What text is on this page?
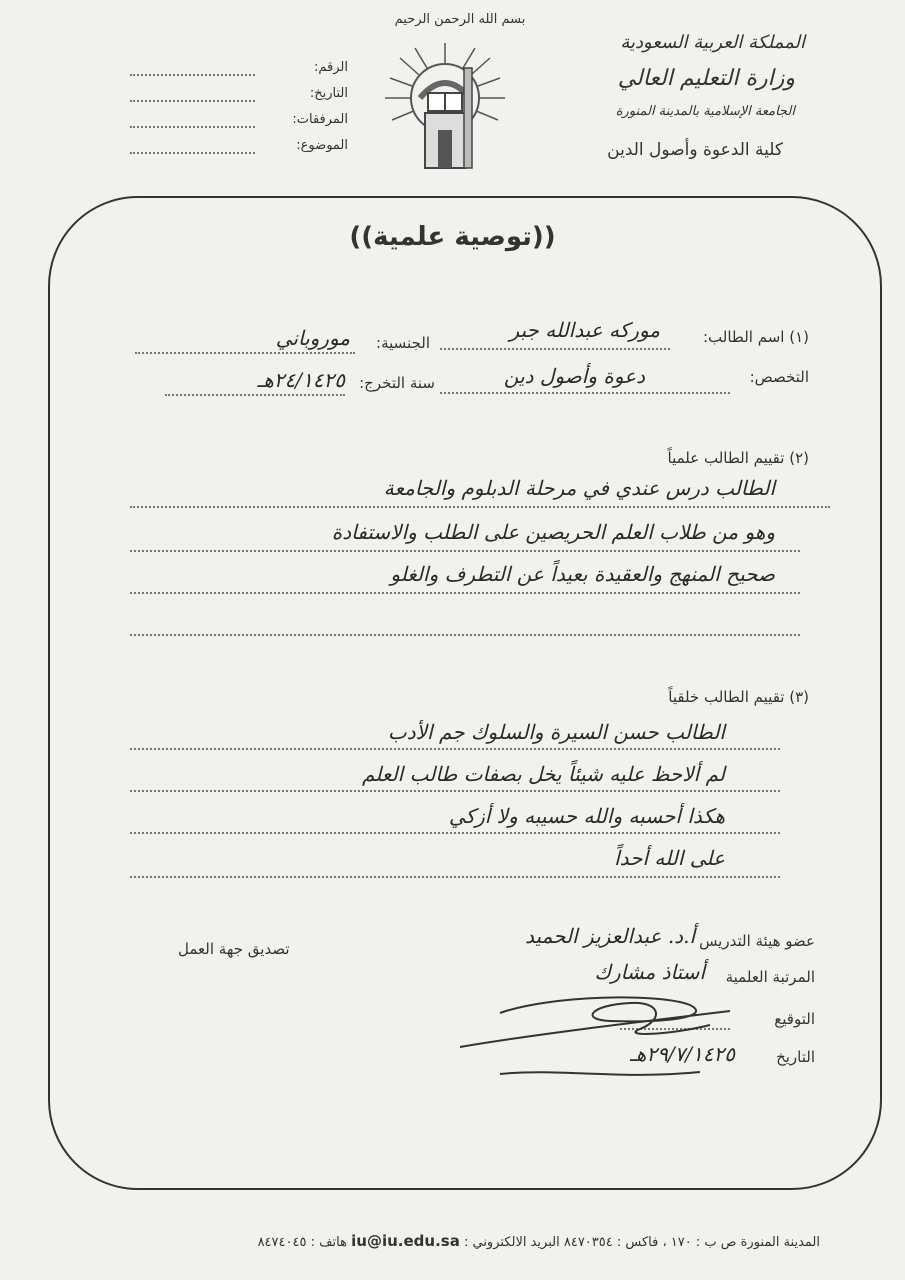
بسم الله الرحمن الرحيم
المملكة العربية السعودية
وزارة التعليم العالي
الجامعة الإسلامية بالمدينة المنورة
كلية الدعوة وأصول الدين
الرقم:
التاريخ:
المرفقات:
الموضوع:
((توصية علمية))
(١) اسم الطالب:
موركه عبدالله جبر
الجنسية:
موروباني
التخصص:
دعوة وأصول دين
سنة التخرج:
٢٤/١٤٢٥هـ
(٢) تقييم الطالب علمياً
الطالب درس عندي في مرحلة الدبلوم والجامعة
وهو من طلاب العلم الحريصين على الطلب والاستفادة
صحيح المنهج والعقيدة بعيداً عن التطرف والغلو
(٣) تقييم الطالب خلقياً
الطالب حسن السيرة والسلوك جم الأدب
لم ألاحظ عليه شيئاً يخل بصفات طالب العلم
هكذا أحسبه والله حسيبه ولا أزكي
على الله أحداً
عضو هيئة التدريس
أ.د. عبدالعزيز الحميد
المرتبة العلمية
أستاذ مشارك
التوقيع
التاريخ
٢٩/٧/١٤٢٥هـ
تصديق جهة العمل
المدينة المنورة ص ب : ١٧٠ ، فاكس : ٨٤٧٠٣٥٤ البريد الالكتروني : iu@iu.edu.sa هاتف : ٨٤٧٤٠٤٥
